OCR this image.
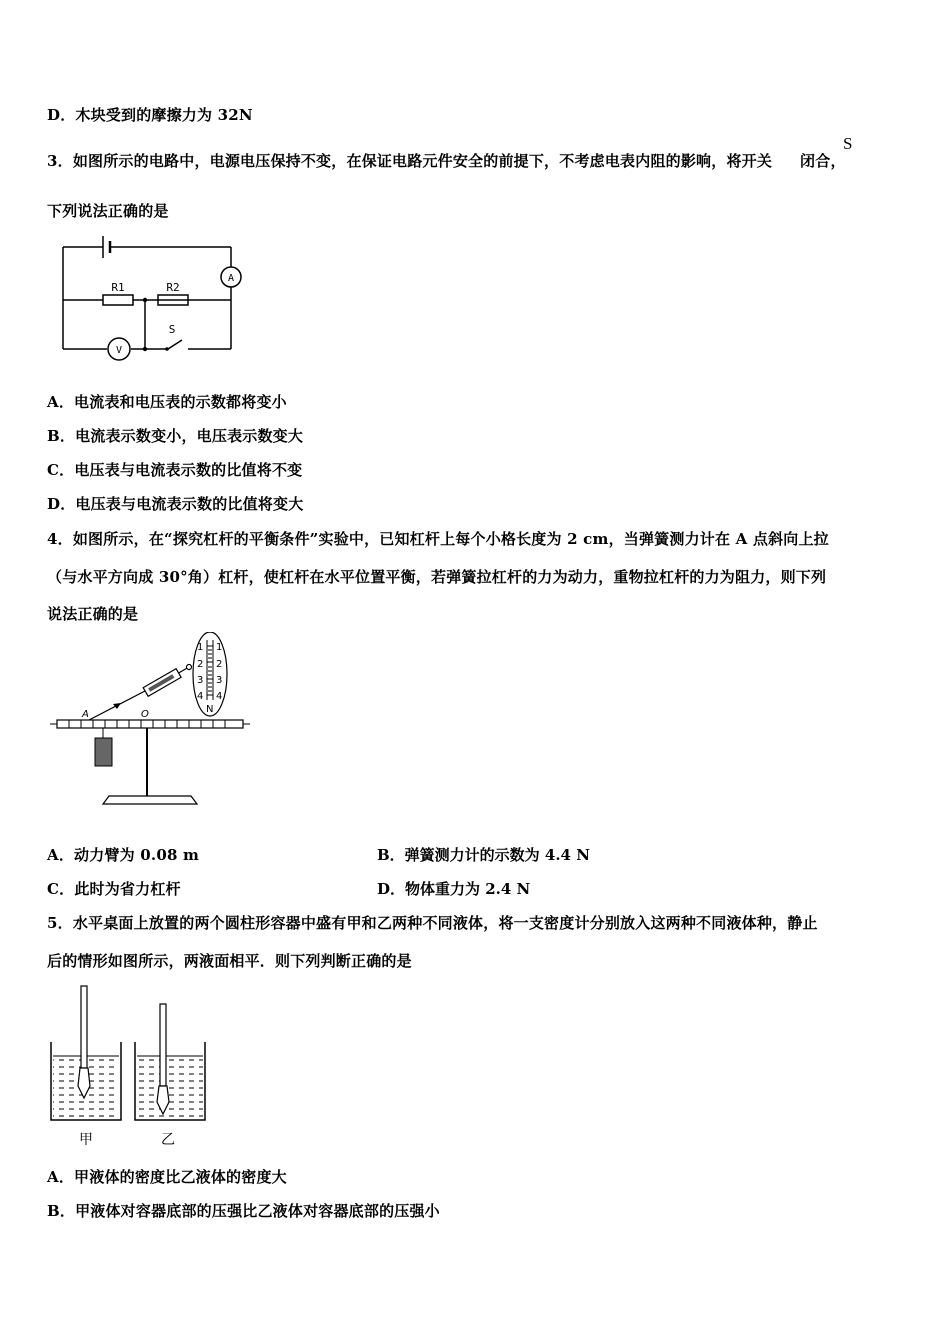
D．木块受到的摩擦力为 32N
3．如图所示的电路中，电源电压保持不变，在保证电路元件安全的前提下，不考虑电表内阻的影响，将开关 闭合，
S
下列说法正确的是
R1	R2
S
A
V
A．电流表和电压表的示数都将变小
B．电流表示数变小，电压表示数变大
C．电压表与电流表示数的比值将不变
D．电压表与电流表示数的比值将变大
4．如图所示，在“探究杠杆的平衡条件”实验中，已知杠杆上每个小格长度为 2 cm，当弹簧测力计在 A 点斜向上拉
（与水平方向成 30°角）杠杆，使杠杆在水平位置平衡，若弹簧拉杠杆的力为动力，重物拉杠杆的力为阻力，则下列
说法正确的是
1
2
3
4
1
2
3
4
N
A	O
A．动力臂为 0.08 m	B．弹簧测力计的示数为 4.4 N
C．此时为省力杠杆	D．物体重力为 2.4 N
5．水平桌面上放置的两个圆柱形容器中盛有甲和乙两种不同液体，将一支密度计分别放入这两种不同液体种，静止
后的情形如图所示，两液面相平．则下列判断正确的是
甲	乙
A．甲液体的密度比乙液体的密度大
B．甲液体对容器底部的压强比乙液体对容器底部的压强小
